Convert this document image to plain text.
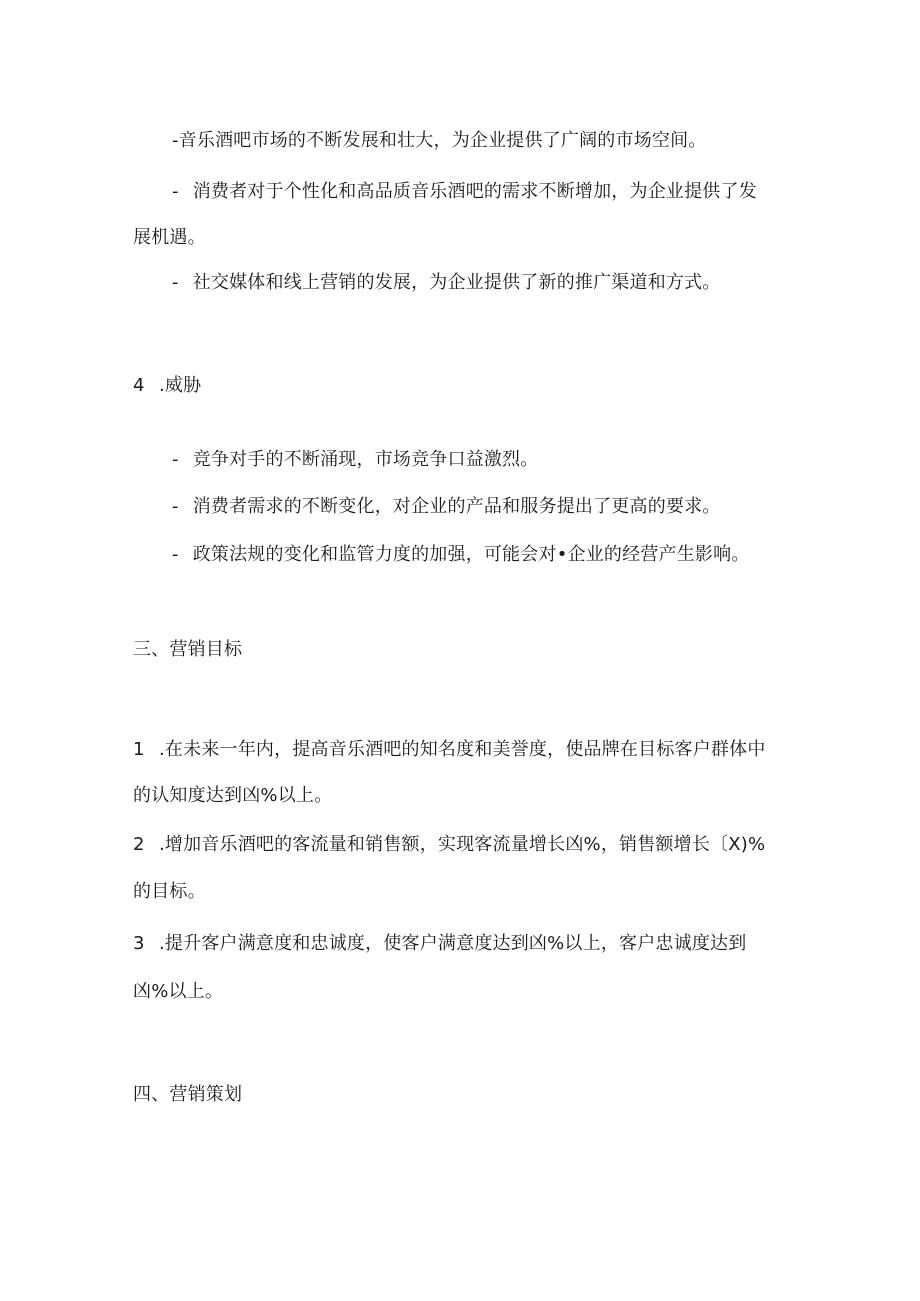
-音乐酒吧市场的不断发展和壮大，为企业提供了广阔的市场空间。
- 消费者对于个性化和高品质音乐酒吧的需求不断增加，为企业提供了发
展机遇。
- 社交媒体和线上营销的发展，为企业提供了新的推广渠道和方式。
4 .威胁
- 竞争对手的不断涌现，市场竞争口益激烈。
- 消费者需求的不断变化，对企业的产品和服务提出了更高的要求。
- 政策法规的变化和监管力度的加强，可能会对•企业的经营产生影响。
三、营销目标
1 .在未来一年内，提高音乐酒吧的知名度和美誉度，使品牌在目标客户群体中
的认知度达到凶%以上。
2 .增加音乐酒吧的客流量和销售额，实现客流量增长凶%，销售额增长〔X)%
的目标。
3 .提升客户满意度和忠诚度，使客户满意度达到凶%以上，客户忠诚度达到
凶%以上。
四、营销策划
